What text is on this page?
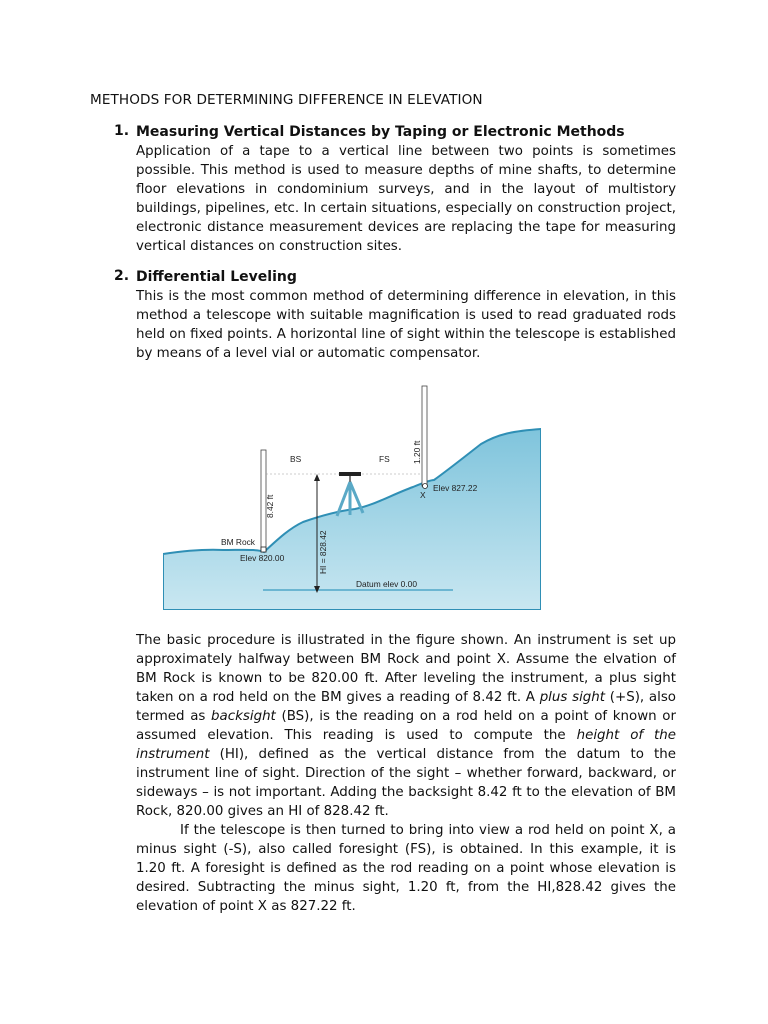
METHODS FOR DETERMINING DIFFERENCE IN ELEVATION
1. Measuring Vertical Distances by Taping or Electronic Methods
Application of a tape to a vertical line between two points is sometimes possible. This method is used to measure depths of mine shafts, to determine floor elevations in condominium surveys, and in the layout of multistory buildings, pipelines, etc. In certain situations, especially on construction project, electronic distance measurement devices are replacing the tape for measuring vertical distances on construction sites.
2. Differential Leveling
This is the most common method of determining difference in elevation, in this method a telescope with suitable magnification is used to read graduated rods held on fixed points. A horizontal line of sight within the telescope is established by means of a level vial or automatic compensator.
BS	FS
BM Rock
Elev 820.00
8.42 ft
1.20 ft
X
Elev 827.22
HI = 828.42
Datum elev 0.00

The basic procedure is illustrated in the figure shown. An instrument is set up approximately halfway between BM Rock and point X. Assume the elvation of BM Rock is known to be 820.00 ft. After leveling the instrument, a plus sight taken on a rod held on the BM gives a reading of 8.42 ft. A plus sight (+S), also termed as backsight (BS), is the reading on a rod held on a point of known or assumed elevation. This reading is used to compute the height of the instrument (HI), defined as the vertical distance from the datum to the instrument line of sight. Direction of the sight – whether forward, backward, or sideways – is not important. Adding the backsight 8.42 ft to the elevation of BM Rock, 820.00 gives an HI of 828.42 ft.

If the telescope is then turned to bring into view a rod held on point X, a minus sight (-S), also called foresight (FS), is obtained. In this example, it is 1.20 ft. A foresight is defined as the rod reading on a point whose elevation is desired. Subtracting the minus sight, 1.20 ft, from the HI,828.42 gives the elevation of point X as 827.22 ft.
